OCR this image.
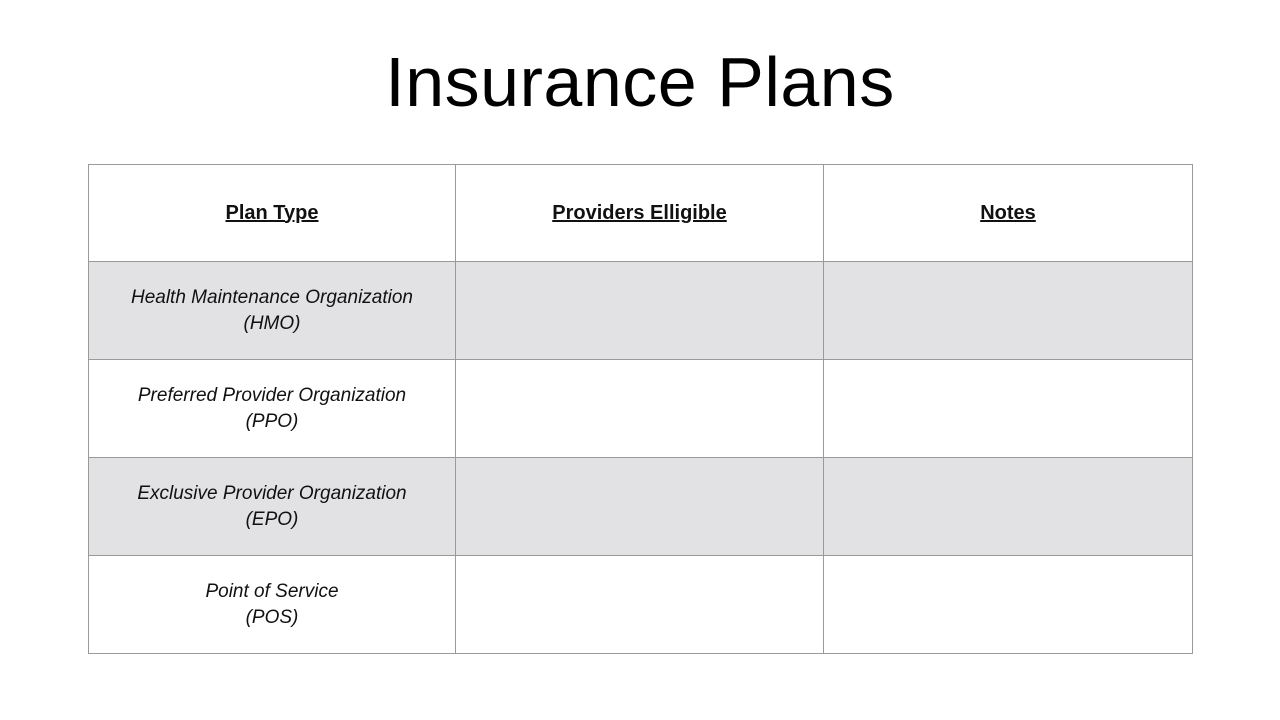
Insurance Plans
Plan Type	Providers Elligible	Notes
Health Maintenance Organization
(HMO)		
Preferred Provider Organization
(PPO)		
Exclusive Provider Organization
(EPO)		
Point of Service
(POS)		
